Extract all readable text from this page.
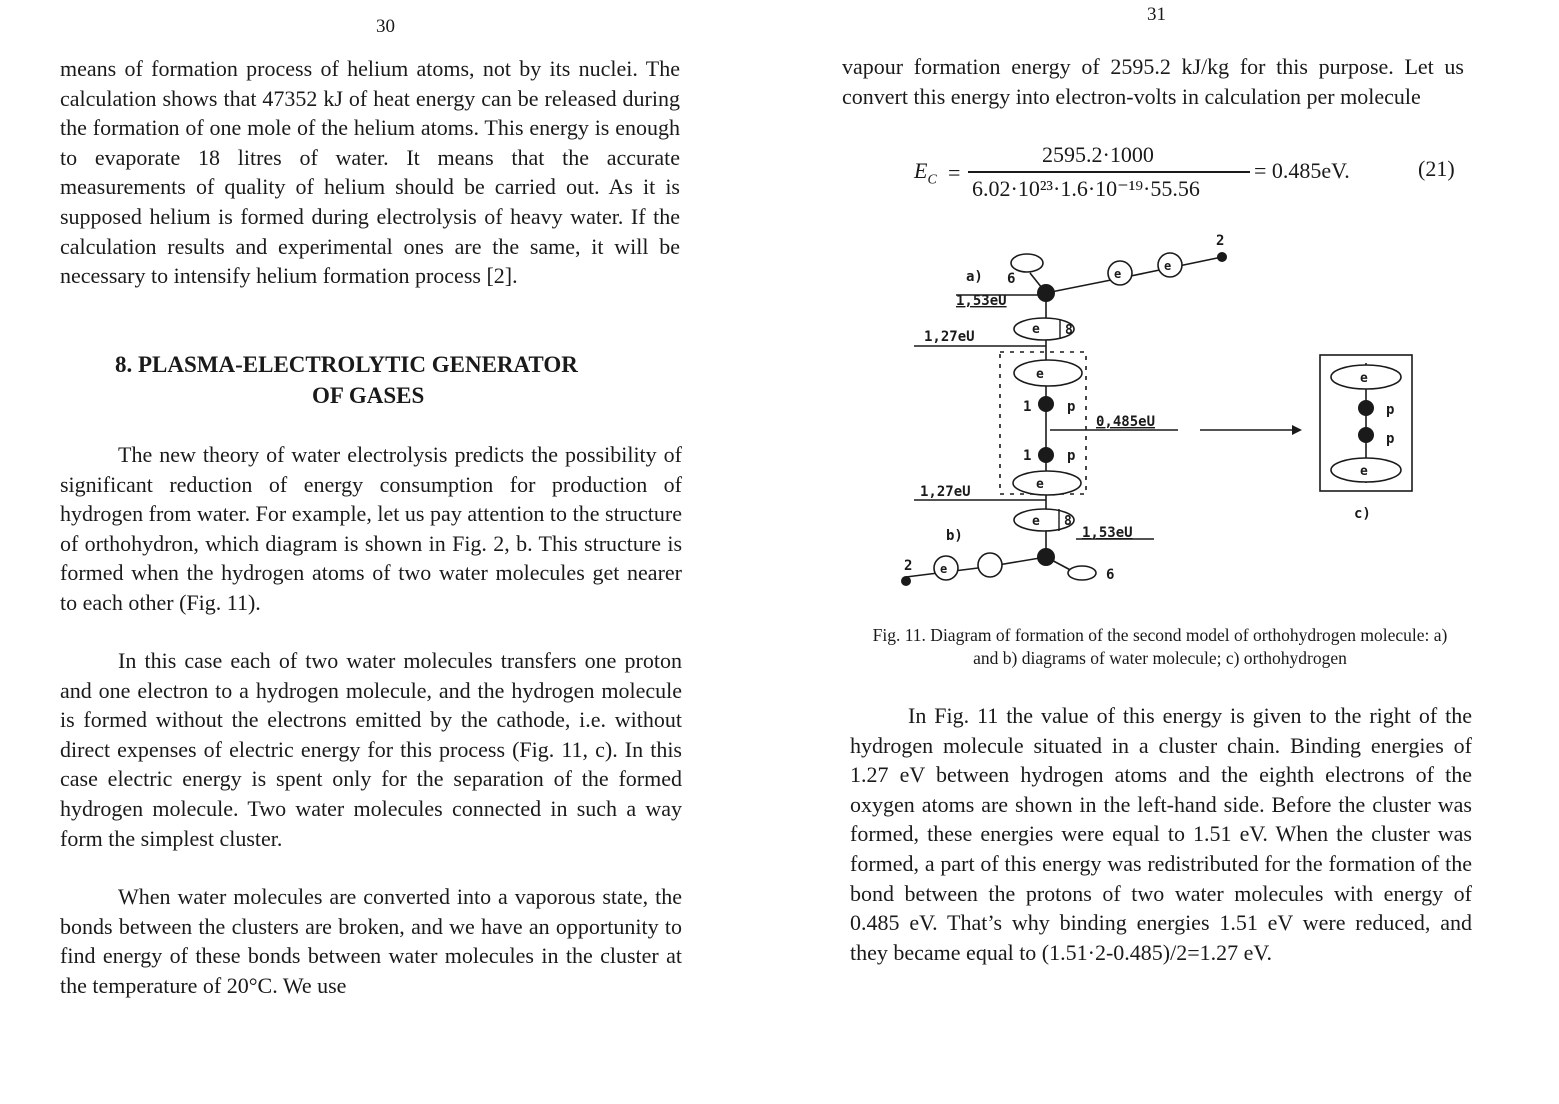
30

means of formation process of helium atoms, not by its nuclei. The calculation shows that 47352 kJ of heat energy can be released during the formation of one mole of the helium atoms. This energy is enough to evaporate 18 litres of water. It means that the accurate measurements of quality of helium should be carried out. As it is supposed helium is formed during electrolysis of heavy water. If the calculation results and experimental ones are the same, it will be necessary to intensify helium formation process [2].

8. PLASMA-ELECTROLYTIC GENERATOR
OF GASES

The new theory of water electrolysis predicts the possibility of significant reduction of energy consumption for production of hydrogen from water. For example, let us pay attention to the structure of orthohydron, which diagram is shown in Fig. 2, b. This structure is formed when the hydrogen atoms of two water molecules get nearer to each other (Fig. 11).

In this case each of two water molecules transfers one proton and one electron to a hydrogen molecule, and the hydrogen molecule is formed without the electrons emitted by the cathode, i.e. without direct expenses of electric energy for this process (Fig. 11, c). In this case electric energy is spent only for the separation of the formed hydrogen molecule. Two water molecules connected in such a way form the simplest cluster.

When water molecules are converted into a vaporous state, the bonds between the clusters are broken, and we have an opportunity to find energy of these bonds between water molecules in the cluster at the temperature of 20°C. We use

31

vapour formation energy of 2595.2 kJ/kg for this purpose. Let us convert this energy into electron-volts in calculation per molecule

$E_C$ =
2595.2·1000
6.02·10²³·1.6·10⁻¹⁹·55.56
= 0.485eV.	(21)
a) 6
2
1,53eU
1,27eU	e 8
e
e
e
1	p
0,485eU
1	p
e
1,27eU
e 8
b)	1,53eU
2 e	6
e
p
p
e
c)

Fig. 11. Diagram of formation of the second model of orthohydrogen molecule: a) and b) diagrams of water molecule; c) orthohydrogen

In Fig. 11 the value of this energy is given to the right of the hydrogen molecule situated in a cluster chain. Binding energies of 1.27 eV between hydrogen atoms and the eighth electrons of the oxygen atoms are shown in the left-hand side. Before the cluster was formed, these energies were equal to 1.51 eV. When the cluster was formed, a part of this energy was redistributed for the formation of the bond between the protons of two water molecules with energy of 0.485 eV. That’s why binding energies 1.51 eV were reduced, and they became equal to (1.51·2-0.485)/2=1.27 eV.
